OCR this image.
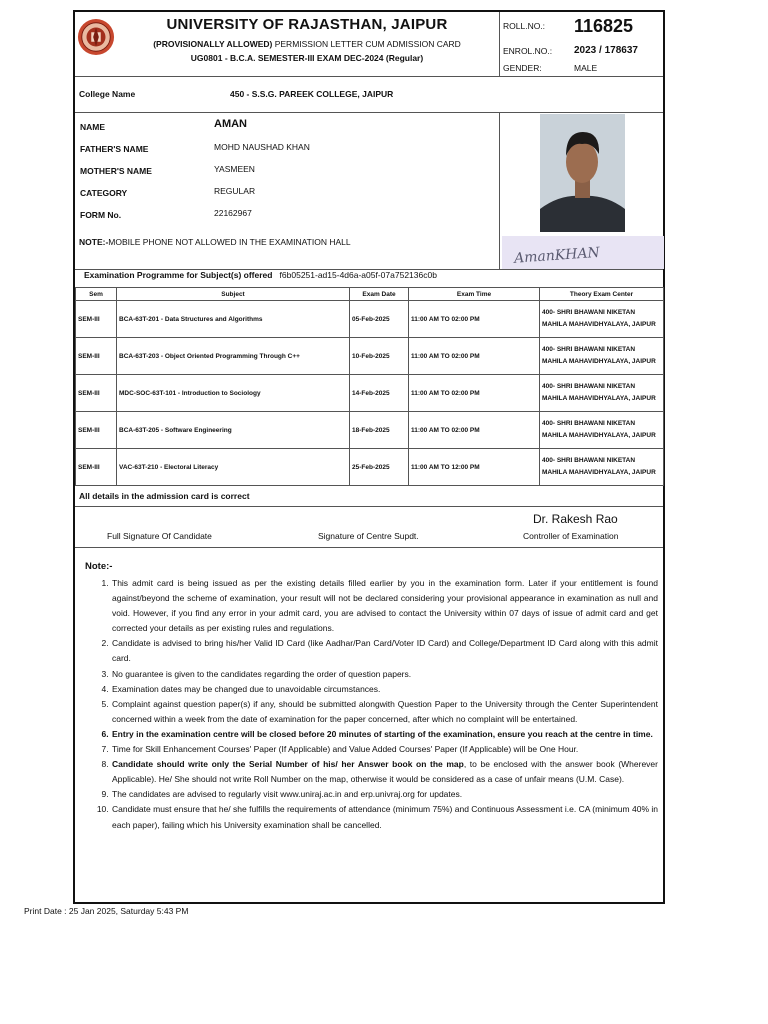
UNIVERSITY OF RAJASTHAN, JAIPUR
(PROVISIONALLY ALLOWED) PERMISSION LETTER CUM ADMISSION CARD
UG0801 - B.C.A. SEMESTER-III EXAM DEC-2024 (Regular)
ROLL.NO.: 116825
ENROL.NO.: 2023 / 178637
GENDER:	MALE
College Name	450 - S.S.G. PAREEK COLLEGE, JAIPUR
NAME	AMAN
FATHER'S NAME	MOHD NAUSHAD KHAN
MOTHER'S NAME	YASMEEN
CATEGORY	REGULAR
FORM No.	22162967
NOTE:-MOBILE PHONE NOT ALLOWED IN THE EXAMINATION HALL
AmanKHAN
Examination Programme for Subject(s) offered f6b05251-ad15-4d6a-a05f-07a752136c0b
Sem	Subject	Exam Date	Exam Time	Theory Exam Center
SEM-III	BCA-63T-201 - Data Structures and Algorithms	05-Feb-2025	11:00 AM TO 02:00 PM	400- SHRI BHAWANI NIKETAN MAHILA MAHAVIDHYALAYA, JAIPUR
SEM-III	BCA-63T-203 - Object Oriented Programming Through C++	10-Feb-2025	11:00 AM TO 02:00 PM	400- SHRI BHAWANI NIKETAN MAHILA MAHAVIDHYALAYA, JAIPUR
SEM-III	MDC-SOC-63T-101 - Introduction to Sociology	14-Feb-2025	11:00 AM TO 02:00 PM	400- SHRI BHAWANI NIKETAN MAHILA MAHAVIDHYALAYA, JAIPUR
SEM-III	BCA-63T-205 - Software Engineering	18-Feb-2025	11:00 AM TO 02:00 PM	400- SHRI BHAWANI NIKETAN MAHILA MAHAVIDHYALAYA, JAIPUR
SEM-III	VAC-63T-210 - Electoral Literacy	25-Feb-2025	11:00 AM TO 12:00 PM	400- SHRI BHAWANI NIKETAN MAHILA MAHAVIDHYALAYA, JAIPUR
All details in the admission card is correct
Dr. Rakesh Rao
Full Signature Of Candidate	Signature of Centre Supdt.	Controller of Examination
Note:-
1. This admit card is being issued as per the existing details filled earlier by you in the examination form. Later if your entitlement is found against/beyond the scheme of examination, your result will not be declared considering your provisional appearance in examination as null and void. However, if you find any error in your admit card, you are advised to contact the University within 07 days of issue of admit card and get corrected your details as per existing rules and regulations.
2. Candidate is advised to bring his/her Valid ID Card (like Aadhar/Pan Card/Voter ID Card) and College/Department ID Card along with this admit card.
3. No guarantee is given to the candidates regarding the order of question papers.
4. Examination dates may be changed due to unavoidable circumstances.
5. Complaint against question paper(s) if any, should be submitted alongwith Question Paper to the University through the Center Superintendent concerned within a week from the date of examination for the paper concerned, after which no complaint will be entertained.
6. Entry in the examination centre will be closed before 20 minutes of starting of the examination, ensure you reach at the centre in time.
7. Time for Skill Enhancement Courses' Paper (If Applicable) and Value Added Courses' Paper (If Applicable) will be One Hour.
8. Candidate should write only the Serial Number of his/ her Answer book on the map, to be enclosed with the answer book (Wherever Applicable). He/ She should not write Roll Number on the map, otherwise it would be considered as a case of unfair means (U.M. Case).
9. The candidates are advised to regularly visit www.uniraj.ac.in and erp.univraj.org for updates.
10. Candidate must ensure that he/ she fulfills the requirements of attendance (minimum 75%) and Continuous Assessment i.e. CA (minimum 40% in each paper), failing which his University examination shall be cancelled.
Print Date : 25 Jan 2025, Saturday 5:43 PM
